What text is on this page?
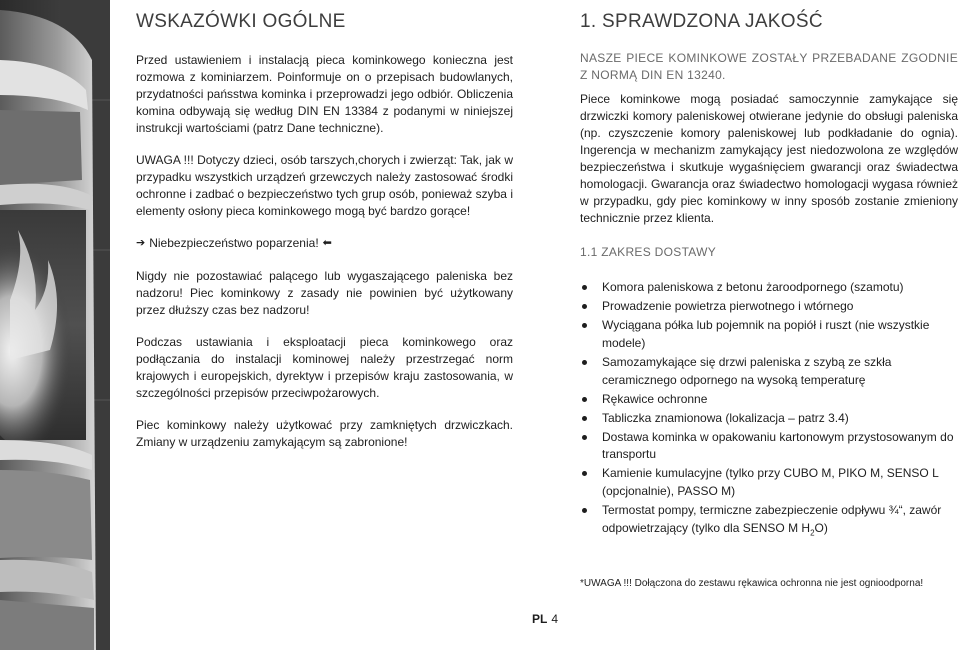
WSKAZÓWKI OGÓLNE

Przed ustawieniem i instalacją pieca kominkowego konieczna jest rozmowa z kominiarzem. Poinformuje on o przepisach budowlanych, przydatności pańsstwa kominka i przeprowadzi jego odbiór. Obliczenia komina odbywają się według DIN EN 13384 z podanymi w niniejszej instrukcji wartościami (patrz Dane techniczne).

UWAGA !!! Dotyczy dzieci, osób tarszych,chorych i zwierząt: Tak, jak w przypadku wszystkich urządzeń grzewczych należy zastosować środki ochronne i zadbać o bezpieczeństwo tych grup osób, ponieważ szyba i elementy osłony pieca kominkowego mogą być bardzo gorące!

➔ Niebezpieczeństwo poparzenia! ⬅

Nigdy nie pozostawiać palącego lub wygaszającego paleniska bez nadzoru! Piec kominkowy z zasady nie powinien być użytkowany przez dłuższy czas bez nadzoru!

Podczas ustawiania i eksploatacji pieca kominkowego oraz podłączania do instalacji kominowej należy przestrzegać norm krajowych i europejskich, dyrektyw i przepisów kraju zastosowania, w szczególności przepisów przeciwpożarowych.

Piec kominkowy należy użytkować przy zamkniętych drzwiczkach. Zmiany w urządzeniu zamykającym są zabronione!

1. SPRAWDZONA JAKOŚĆ

NASZE PIECE KOMINKOWE ZOSTAŁY PRZEBADANE ZGODNIE Z NORMĄ DIN EN 13240.

Piece kominkowe mogą posiadać samoczynnie zamykające się drzwiczki komory paleniskowej otwierane jedynie do obsługi paleniska (np. czyszczenie komory paleniskowej lub podkładanie do ognia). Ingerencja w mechanizm zamykający jest niedozwolona ze względów bezpieczeństwa i skutkuje wygaśnięciem gwarancji oraz świadectwa homologacji. Gwarancja oraz świadectwo homologacji wygasa również w przypadku, gdy piec kominkowy w inny sposób zostanie zmieniony technicznie przez klienta.

1.1 ZAKRES DOSTAWY
Komora paleniskowa z betonu żaroodpornego (szamotu)
Prowadzenie powietrza pierwotnego i wtórnego
Wyciągana półka lub pojemnik na popiół i ruszt (nie wszystkie modele)
Samozamykające się drzwi paleniska z szybą ze szkła ceramicznego odpornego na wysoką temperaturę
Rękawice ochronne
Tabliczka znamionowa (lokalizacja – patrz 3.4)
Dostawa kominka w opakowaniu kartonowym przystosowanym do transportu
Kamienie kumulacyjne (tylko przy CUBO M, PIKO M, SENSO L (opcjonalnie), PASSO M)
Termostat pompy, termiczne zabezpieczenie odpływu ¾“, zawór odpowietrzający (tylko dla SENSO M $H_2O$)
*UWAGA !!! Dołączona do zestawu rękawica ochronna nie jest ognioodporna!
PL 4
